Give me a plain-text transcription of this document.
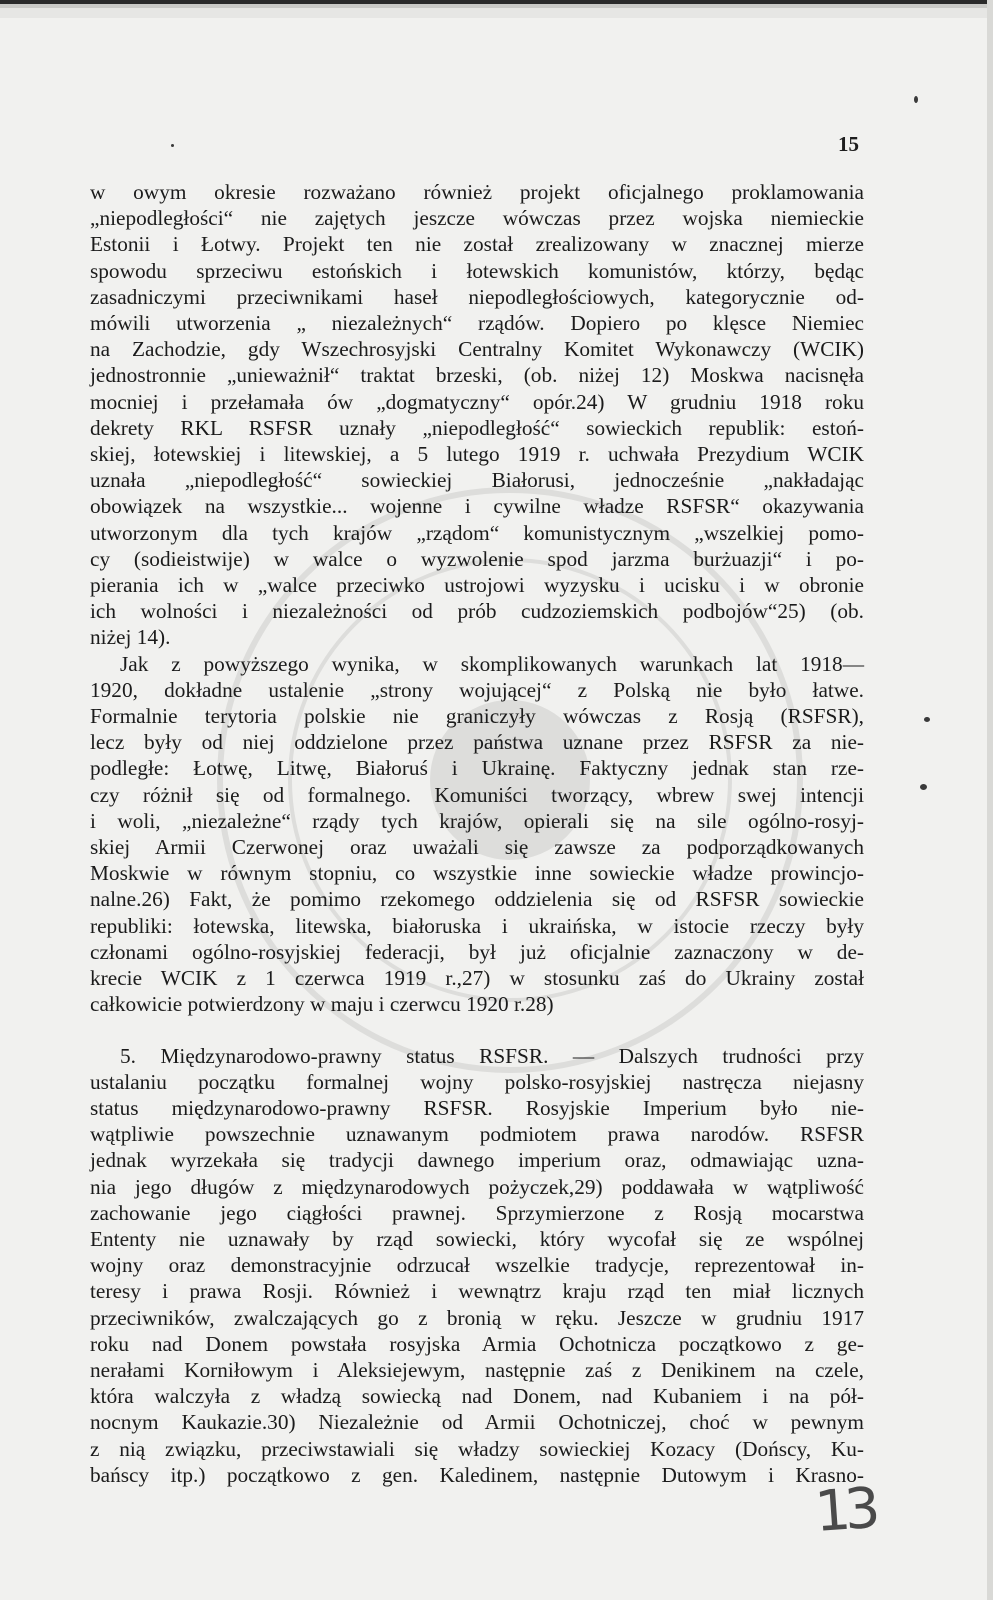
15
w owym okresie rozważano również projekt oficjalnego proklamowania
„niepodległości“ nie zajętych jeszcze wówczas przez wojska niemieckie
Estonii i Łotwy. Projekt ten nie został zrealizowany w znacznej mierze
spowodu sprzeciwu estońskich i łotewskich komunistów, którzy, będąc
zasadniczymi przeciwnikami haseł niepodległościowych, kategorycznie od-
mówili utworzenia „ niezależnych“ rządów. Dopiero po klęsce Niemiec
na Zachodzie, gdy Wszechrosyjski Centralny Komitet Wykonawczy (WCIK)
jednostronnie „unieważnił“ traktat brzeski, (ob. niżej 12) Moskwa nacisnęła
mocniej i przełamała ów „dogmatyczny“ opór.24) W grudniu 1918 roku
dekrety RKL RSFSR uznały „niepodległość“ sowieckich republik: estoń-
skiej, łotewskiej i litewskiej, a 5 lutego 1919 r. uchwała Prezydium WCIK
uznała „niepodległość“ sowieckiej Białorusi, jednocześnie „nakładając
obowiązek na wszystkie... wojenne i cywilne władze RSFSR“ okazywania
utworzonym dla tych krajów „rządom“ komunistycznym „wszelkiej pomo-
cy (sodieistwije) w walce o wyzwolenie spod jarzma burżuazji“ i po-
pierania ich w „walce przeciwko ustrojowi wyzysku i ucisku i w obronie
ich wolności i niezależności od prób cudzoziemskich podbojów“25) (ob.
niżej 14).
Jak z powyższego wynika, w skomplikowanych warunkach lat 1918—
1920, dokładne ustalenie „strony wojującej“ z Polską nie było łatwe.
Formalnie terytoria polskie nie graniczyły wówczas z Rosją (RSFSR),
lecz były od niej oddzielone przez państwa uznane przez RSFSR za nie-
podległe: Łotwę, Litwę, Białoruś i Ukrainę. Faktyczny jednak stan rze-
czy różnił się od formalnego. Komuniści tworzący, wbrew swej intencji
i woli, „niezależne“ rządy tych krajów, opierali się na sile ogólno-rosyj-
skiej Armii Czerwonej oraz uważali się zawsze za podporządkowanych
Moskwie w równym stopniu, co wszystkie inne sowieckie władze prowincjo-
nalne.26) Fakt, że pomimo rzekomego oddzielenia się od RSFSR sowieckie
republiki: łotewska, litewska, białoruska i ukraińska, w istocie rzeczy były
członami ogólno-rosyjskiej federacji, był już oficjalnie zaznaczony w de-
krecie WCIK z 1 czerwca 1919 r.,27) w stosunku zaś do Ukrainy został
całkowicie potwierdzony w maju i czerwcu 1920 r.28)
5. Międzynarodowo-prawny status RSFSR. — Dalszych trudności przy
ustalaniu początku formalnej wojny polsko-rosyjskiej nastręcza niejasny
status międzynarodowo-prawny RSFSR. Rosyjskie Imperium było nie-
wątpliwie powszechnie uznawanym podmiotem prawa narodów. RSFSR
jednak wyrzekała się tradycji dawnego imperium oraz, odmawiając uzna-
nia jego długów z międzynarodowych pożyczek,29) poddawała w wątpliwość
zachowanie jego ciągłości prawnej. Sprzymierzone z Rosją mocarstwa
Ententy nie uznawały by rząd sowiecki, który wycofał się ze wspólnej
wojny oraz demonstracyjnie odrzucał wszelkie tradycje, reprezentował in-
teresy i prawa Rosji. Również i wewnątrz kraju rząd ten miał licznych
przeciwników, zwalczających go z bronią w ręku. Jeszcze w grudniu 1917
roku nad Donem powstała rosyjska Armia Ochotnicza początkowo z ge-
nerałami Korniłowym i Aleksiejewym, następnie zaś z Denikinem na czele,
która walczyła z władzą sowiecką nad Donem, nad Kubaniem i na pół-
nocnym Kaukazie.30) Niezależnie od Armii Ochotniczej, choć w pewnym
z nią związku, przeciwstawiali się władzy sowieckiej Kozacy (Dońscy, Ku-
bańscy itp.) początkowo z gen. Kaledinem, następnie Dutowym i Krasno-
13
